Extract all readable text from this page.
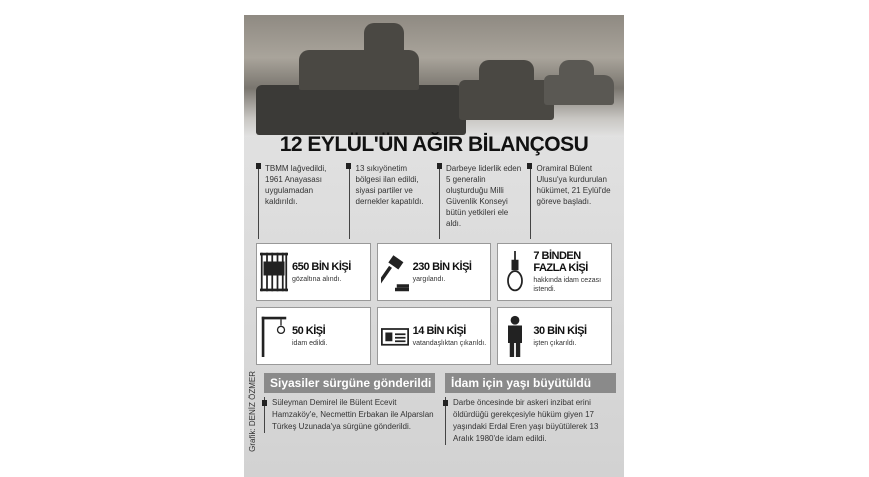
12 EYLÜL'ÜN AĞIR BİLANÇOSU
TBMM lağvedildi, 1961 Anayasası uygulamadan kaldırıldı.
13 sıkıyönetim bölgesi ilan edildi, siyasi partiler ve dernekler kapatıldı.
Darbeye liderlik eden 5 generalin oluşturduğu Milli Güvenlik Konseyi bütün yetkileri ele aldı.
Oramiral Bülent Ulusu'ya kurdurulan hükümet, 21 Eylül'de göreve başladı.
650 BİN KİŞİ
gözaltına alındı.
230 BİN KİŞİ
yargılandı.
7 BİNDEN FAZLA KİŞİ
hakkında idam cezası istendi.
50 KİŞİ
idam edildi.
14 BİN KİŞİ
vatandaşlıktan çıkarıldı.
30 BİN KİŞİ
işten çıkarıldı.
Grafik: DENİZ ÖZMER	Siyasiler sürgüne gönderildi
Süleyman Demirel ile Bülent Ecevit Hamzaköy'e, Necmettin Erbakan ile Alparslan Türkeş Uzunada'ya sürgüne gönderildi.
İdam için yaşı büyütüldü
Darbe öncesinde bir askeri inzibat erini öldürdüğü gerekçesiyle hüküm giyen 17 yaşındaki Erdal Eren yaşı büyütülerek 13 Aralık 1980'de idam edildi.
